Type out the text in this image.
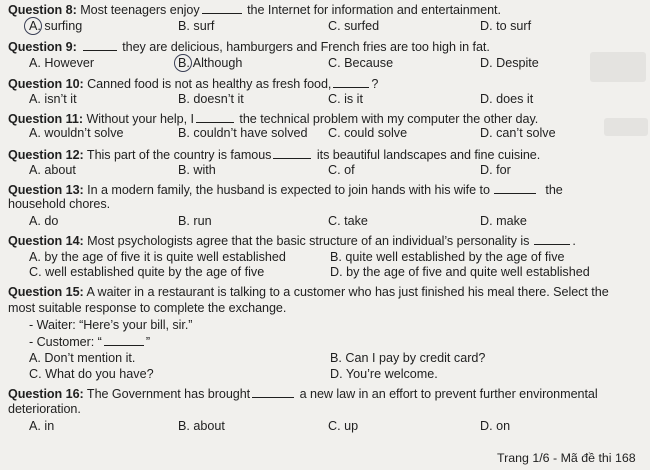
Question 8: Most teenagers enjoy	the Internet for information and entertainment.
A. surfing	B. surf	C. surfed	D. to surf
Question 9:	they are delicious, hamburgers and French fries are too high in fat.
A. However	B. Although	C. Because	D. Despite
Question 10: Canned food is not as healthy as fresh food,	?
A. isn’t it	B. doesn’t it	C. is it	D. does it
Question 11: Without your help, I	the technical problem with my computer the other day.
A. wouldn’t solve	B. couldn’t have solved C. could solve	D. can’t solve
Question 12: This part of the country is famous	its beautiful landscapes and fine cuisine.
A. about	B. with	C. of	D. for
Question 13: In a modern family, the husband is expected to join hands with his wife to	the
household chores.
A. do	B. run	C. take	D. make
Question 14: Most psychologists agree that the basic structure of an individual’s personality is	.
A. by the age of five it is quite well established	B. quite well established by the age of five
C. well established quite by the age of five	D. by the age of five and quite well established
Question 15: A waiter in a restaurant is talking to a customer who has just finished his meal there. Select the
most suitable response to complete the exchange.
- Waiter: “Here’s your bill, sir.”
- Customer: “	”
A. Don’t mention it.	B. Can I pay by credit card?
C. What do you have?	D. You’re welcome.
Question 16: The Government has brought	a new law in an effort to prevent further environmental
deterioration.
A. in	B. about	C. up	D. on
Trang 1/6 - Mã đề thi 168
